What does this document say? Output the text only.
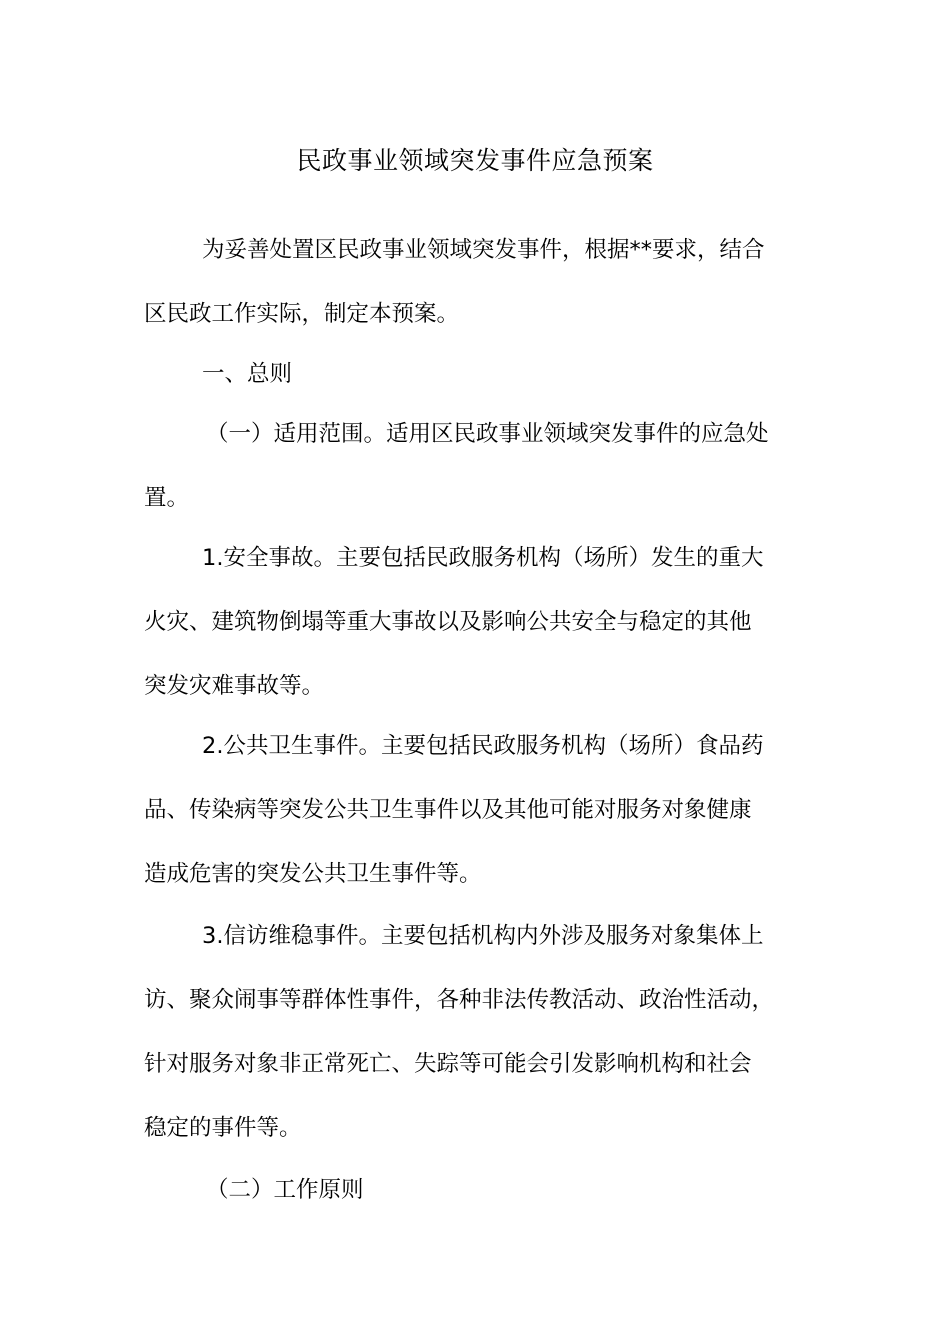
民政事业领域突发事件应急预案
为妥善处置区民政事业领域突发事件，根据**要求，结合
区民政工作实际，制定本预案。
一、总则
（一）适用范围。适用区民政事业领域突发事件的应急处
置。
1.安全事故。主要包括民政服务机构（场所）发生的重大
火灾、建筑物倒塌等重大事故以及影响公共安全与稳定的其他
突发灾难事故等。
2.公共卫生事件。主要包括民政服务机构（场所）食品药
品、传染病等突发公共卫生事件以及其他可能对服务对象健康
造成危害的突发公共卫生事件等。
3.信访维稳事件。主要包括机构内外涉及服务对象集体上
访、聚众闹事等群体性事件，各种非法传教活动、政治性活动，
针对服务对象非正常死亡、失踪等可能会引发影响机构和社会
稳定的事件等。
（二）工作原则
